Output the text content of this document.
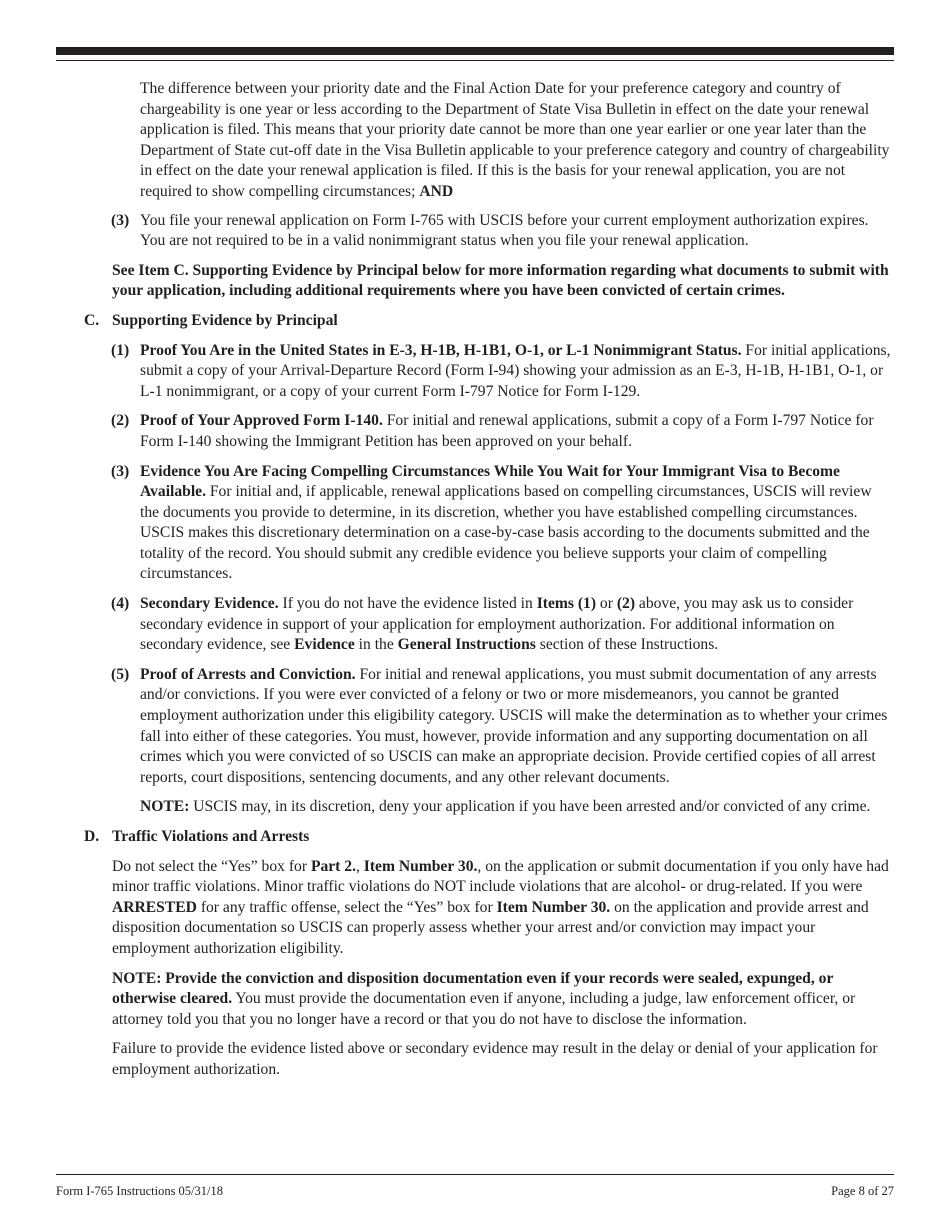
The difference between your priority date and the Final Action Date for your preference category and country of chargeability is one year or less according to the Department of State Visa Bulletin in effect on the date your renewal application is filed. This means that your priority date cannot be more than one year earlier or one year later than the Department of State cut-off date in the Visa Bulletin applicable to your preference category and country of chargeability in effect on the date your renewal application is filed. If this is the basis for your renewal application, you are not required to show compelling circumstances; AND

(3) You file your renewal application on Form I-765 with USCIS before your current employment authorization expires. You are not required to be in a valid nonimmigrant status when you file your renewal application.

See Item C. Supporting Evidence by Principal below for more information regarding what documents to submit with your application, including additional requirements where you have been convicted of certain crimes.

C. Supporting Evidence by Principal
(1) Proof You Are in the United States in E-3, H-1B, H-1B1, O-1, or L-1 Nonimmigrant Status. For initial applications, submit a copy of your Arrival-Departure Record (Form I-94) showing your admission as an E-3, H-1B, H-1B1, O-1, or L-1 nonimmigrant, or a copy of your current Form I-797 Notice for Form I-129.

(2) Proof of Your Approved Form I-140. For initial and renewal applications, submit a copy of a Form I-797 Notice for Form I-140 showing the Immigrant Petition has been approved on your behalf.

(3) Evidence You Are Facing Compelling Circumstances While You Wait for Your Immigrant Visa to Become Available. For initial and, if applicable, renewal applications based on compelling circumstances, USCIS will review the documents you provide to determine, in its discretion, whether you have established compelling circumstances. USCIS makes this discretionary determination on a case-by-case basis according to the documents submitted and the totality of the record. You should submit any credible evidence you believe supports your claim of compelling circumstances.

(4) Secondary Evidence. If you do not have the evidence listed in Items (1) or (2) above, you may ask us to consider secondary evidence in support of your application for employment authorization. For additional information on secondary evidence, see Evidence in the General Instructions section of these Instructions.

(5) Proof of Arrests and Conviction. For initial and renewal applications, you must submit documentation of any arrests and/or convictions. If you were ever convicted of a felony or two or more misdemeanors, you cannot be granted employment authorization under this eligibility category. USCIS will make the determination as to whether your crimes fall into either of these categories. You must, however, provide information and any supporting documentation on all crimes which you were convicted of so USCIS can make an appropriate decision. Provide certified copies of all arrest reports, court dispositions, sentencing documents, and any other relevant documents.

NOTE: USCIS may, in its discretion, deny your application if you have been arrested and/or convicted of any crime.

D. Traffic Violations and Arrests

Do not select the “Yes” box for Part 2., Item Number 30., on the application or submit documentation if you only have had minor traffic violations. Minor traffic violations do NOT include violations that are alcohol- or drug-related. If you were ARRESTED for any traffic offense, select the “Yes” box for Item Number 30. on the application and provide arrest and disposition documentation so USCIS can properly assess whether your arrest and/or conviction may impact your employment authorization eligibility.

NOTE: Provide the conviction and disposition documentation even if your records were sealed, expunged, or otherwise cleared. You must provide the documentation even if anyone, including a judge, law enforcement officer, or attorney told you that you no longer have a record or that you do not have to disclose the information.

Failure to provide the evidence listed above or secondary evidence may result in the delay or denial of your application for employment authorization.

Form I-765 Instructions 05/31/18	Page 8 of 27
